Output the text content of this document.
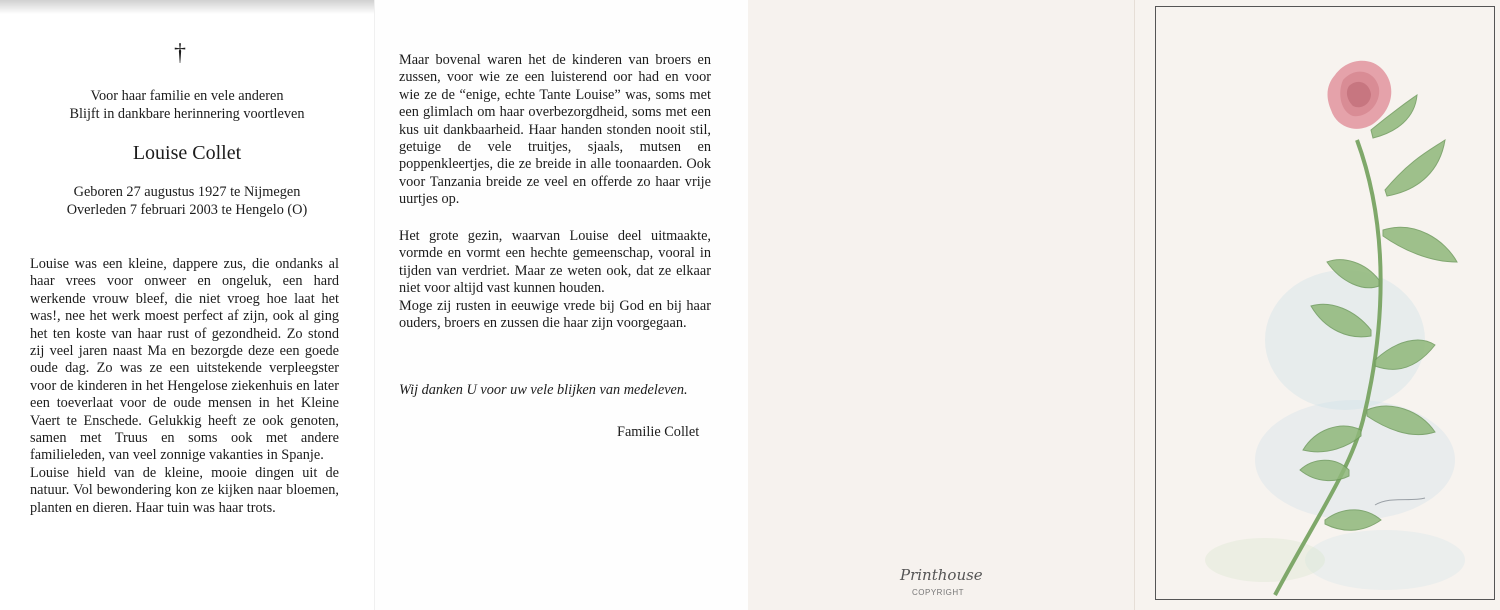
†
Voor haar familie en vele anderen
Blijft in dankbare herinnering voortleven
Louise Collet
Geboren 27 augustus 1927 te Nijmegen
Overleden 7 februari 2003 te Hengelo (O)

Louise was een kleine, dappere zus, die ondanks al haar vrees voor onweer en ongeluk, een hard werkende vrouw bleef, die niet vroeg hoe laat het was!, nee het werk moest perfect af zijn, ook al ging het ten koste van haar rust of gezondheid. Zo stond zij veel jaren naast Ma en bezorgde deze een goede oude dag. Zo was ze een uitstekende verpleegster voor de kinderen in het Hengelose ziekenhuis en later een toeverlaat voor de oude mensen in het Kleine Vaert te Enschede. Gelukkig heeft ze ook genoten, samen met Truus en soms ook met andere familieleden, van veel zonnige vakanties in Spanje.
Louise hield van de kleine, mooie dingen uit de natuur. Vol bewondering kon ze kijken naar bloemen, planten en dieren. Haar tuin was haar trots.

Maar bovenal waren het de kinderen van broers en zussen, voor wie ze een luisterend oor had en voor wie ze de “enige, echte Tante Louise” was, soms met een glimlach om haar overbezorgdheid, soms met een kus uit dankbaarheid. Haar handen stonden nooit stil, getuige de vele truitjes, sjaals, mutsen en poppenkleertjes, die ze breide in alle toonaarden. Ook voor Tanzania breide ze veel en offerde zo haar vrije uurtjes op.

Het grote gezin, waarvan Louise deel uitmaakte, vormde en vormt een hechte gemeenschap, vooral in tijden van verdriet. Maar ze weten ook, dat ze elkaar niet voor altijd vast kunnen houden.
Moge zij rusten in eeuwige vrede bij God en bij haar ouders, broers en zussen die haar zijn voorgegaan.

Wij danken U voor uw vele blijken van medeleven.
Familie Collet
Printhouse
COPYRIGHT
